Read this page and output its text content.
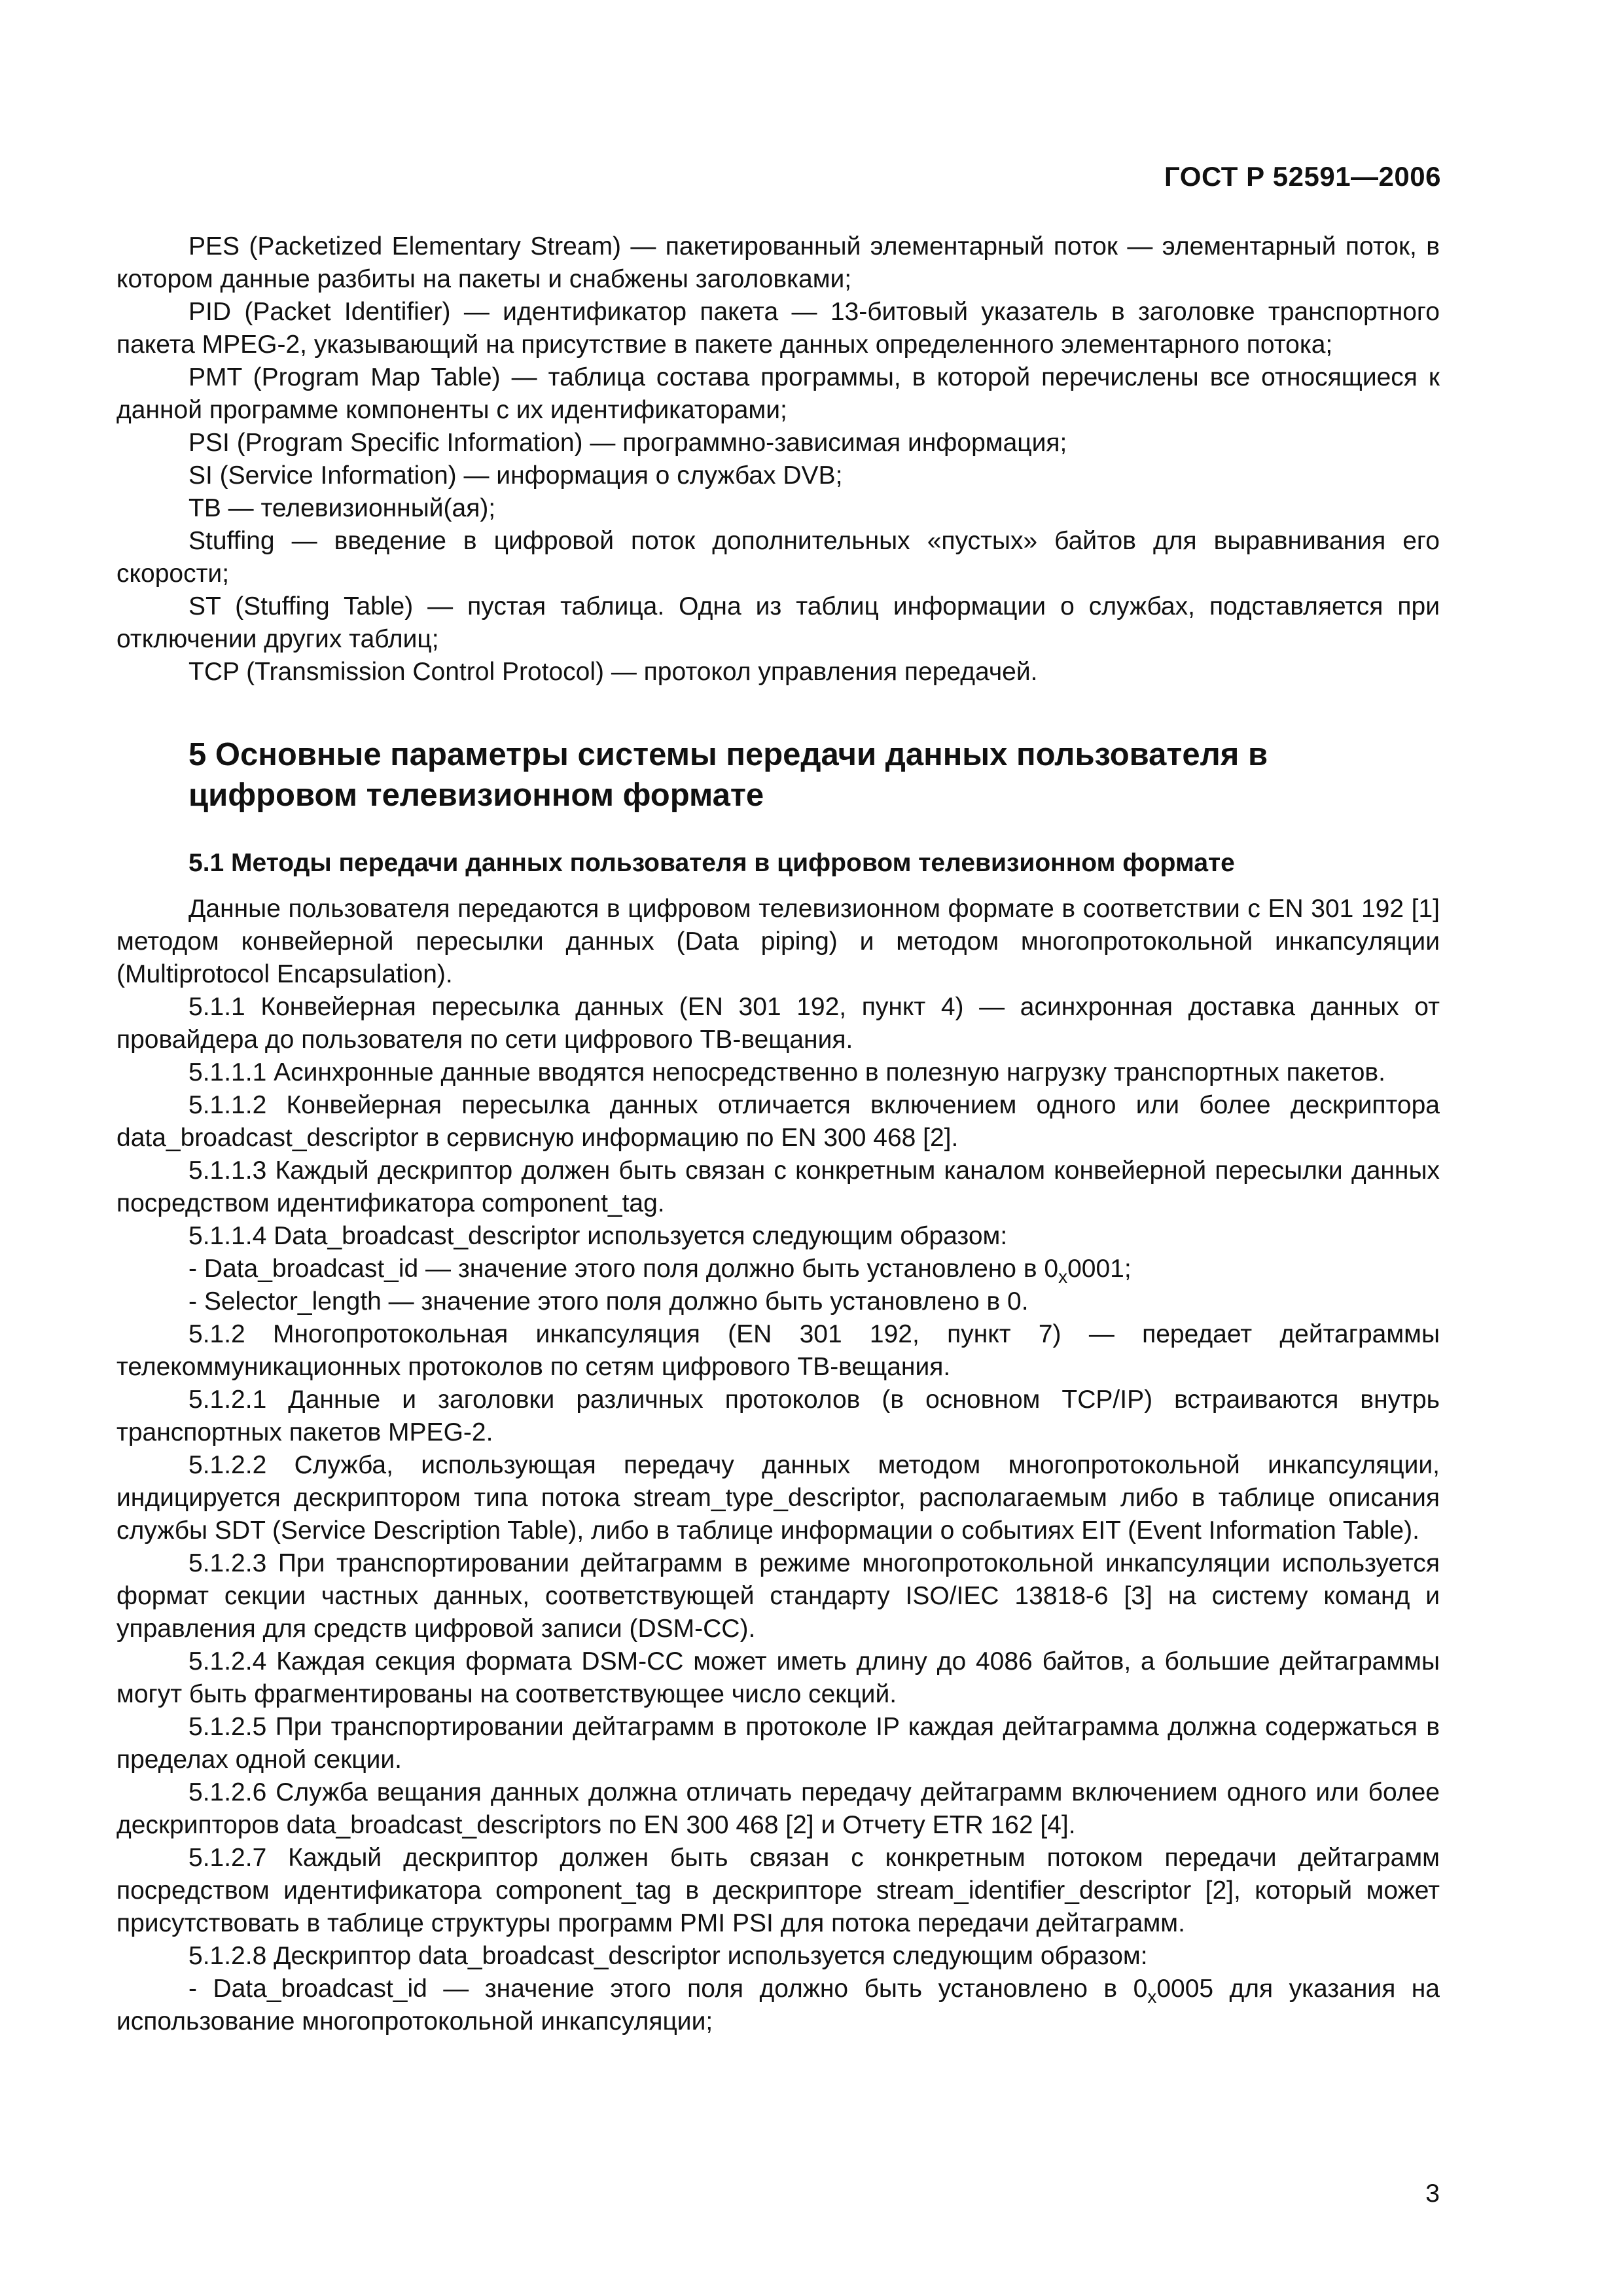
ГОСТ Р 52591—2006

PES (Packetized Elementary Stream) — пакетированный элементарный поток — элементарный поток, в котором данные разбиты на пакеты и снабжены заголовками;

PID (Packet Identifier) — идентификатор пакета — 13-битовый указатель в заголовке транспортного пакета MPEG-2, указывающий на присутствие в пакете данных определенного элементарного потока;

PMT (Program Map Table) — таблица состава программы, в которой перечислены все относящиеся к данной программе компоненты с их идентификаторами;

PSI (Program Specific Information) — программно-зависимая информация;

SI (Service Information) — информация о службах DVB;

ТВ — телевизионный(ая);

Stuffing — введение в цифровой поток дополнительных «пустых» байтов для выравнивания его скорости;

ST (Stuffing Table) — пустая таблица. Одна из таблиц информации о службах, подставляется при отключении других таблиц;

TCP (Transmission Control Protocol) — протокол управления передачей.

5 Основные параметры системы передачи данных пользователя в цифровом телевизионном формате
5.1 Методы передачи данных пользователя в цифровом телевизионном формате

Данные пользователя передаются в цифровом телевизионном формате в соответствии с EN 301 192 [1] методом конвейерной пересылки данных (Data piping) и методом многопротокольной инкапсуляции (Multiprotocol Encapsulation).

5.1.1 Конвейерная пересылка данных (EN 301 192, пункт 4) — асинхронная доставка данных от провайдера до пользователя по сети цифрового ТВ-вещания.

5.1.1.1 Асинхронные данные вводятся непосредственно в полезную нагрузку транспортных пакетов.

5.1.1.2 Конвейерная пересылка данных отличается включением одного или более дескриптора data_broadcast_descriptor в сервисную информацию по EN 300 468 [2].

5.1.1.3 Каждый дескриптор должен быть связан с конкретным каналом конвейерной пересылки данных посредством идентификатора component_tag.

5.1.1.4 Data_broadcast_descriptor используется следующим образом:

- Data_broadcast_id — значение этого поля должно быть установлено в $0_x0001$;

- Selector_length — значение этого поля должно быть установлено в 0.

5.1.2 Многопротокольная инкапсуляция (EN 301 192, пункт 7) — передает дейтаграммы телекоммуникационных протоколов по сетям цифрового ТВ-вещания.

5.1.2.1 Данные и заголовки различных протоколов (в основном TCP/IP) встраиваются внутрь транспортных пакетов MPEG-2.

5.1.2.2 Служба, использующая передачу данных методом многопротокольной инкапсуляции, индицируется дескриптором типа потока stream_type_descriptor, располагаемым либо в таблице описания службы SDT (Service Description Table), либо в таблице информации о событиях EIT (Event Information Table).

5.1.2.3 При транспортировании дейтаграмм в режиме многопротокольной инкапсуляции используется формат секции частных данных, соответствующей стандарту ISO/IEC 13818-6 [3] на систему команд и управления для средств цифровой записи (DSM-CC).

5.1.2.4 Каждая секция формата DSM-CC может иметь длину до 4086 байтов, а большие дейтаграммы могут быть фрагментированы на соответствующее число секций.

5.1.2.5 При транспортировании дейтаграмм в протоколе IP каждая дейтаграмма должна содержаться в пределах одной секции.

5.1.2.6 Служба вещания данных должна отличать передачу дейтаграмм включением одного или более дескрипторов data_broadcast_descriptors по EN 300 468 [2] и Отчету ETR 162 [4].

5.1.2.7 Каждый дескриптор должен быть связан с конкретным потоком передачи дейтаграмм посредством идентификатора component_tag в дескрипторе stream_identifier_descriptor [2], который может присутствовать в таблице структуры программ PMI PSI для потока передачи дейтаграмм.

5.1.2.8 Дескриптор data_broadcast_descriptor используется следующим образом:

- Data_broadcast_id — значение этого поля должно быть установлено в $0_x0005$ для указания на использование многопротокольной инкапсуляции;

3
